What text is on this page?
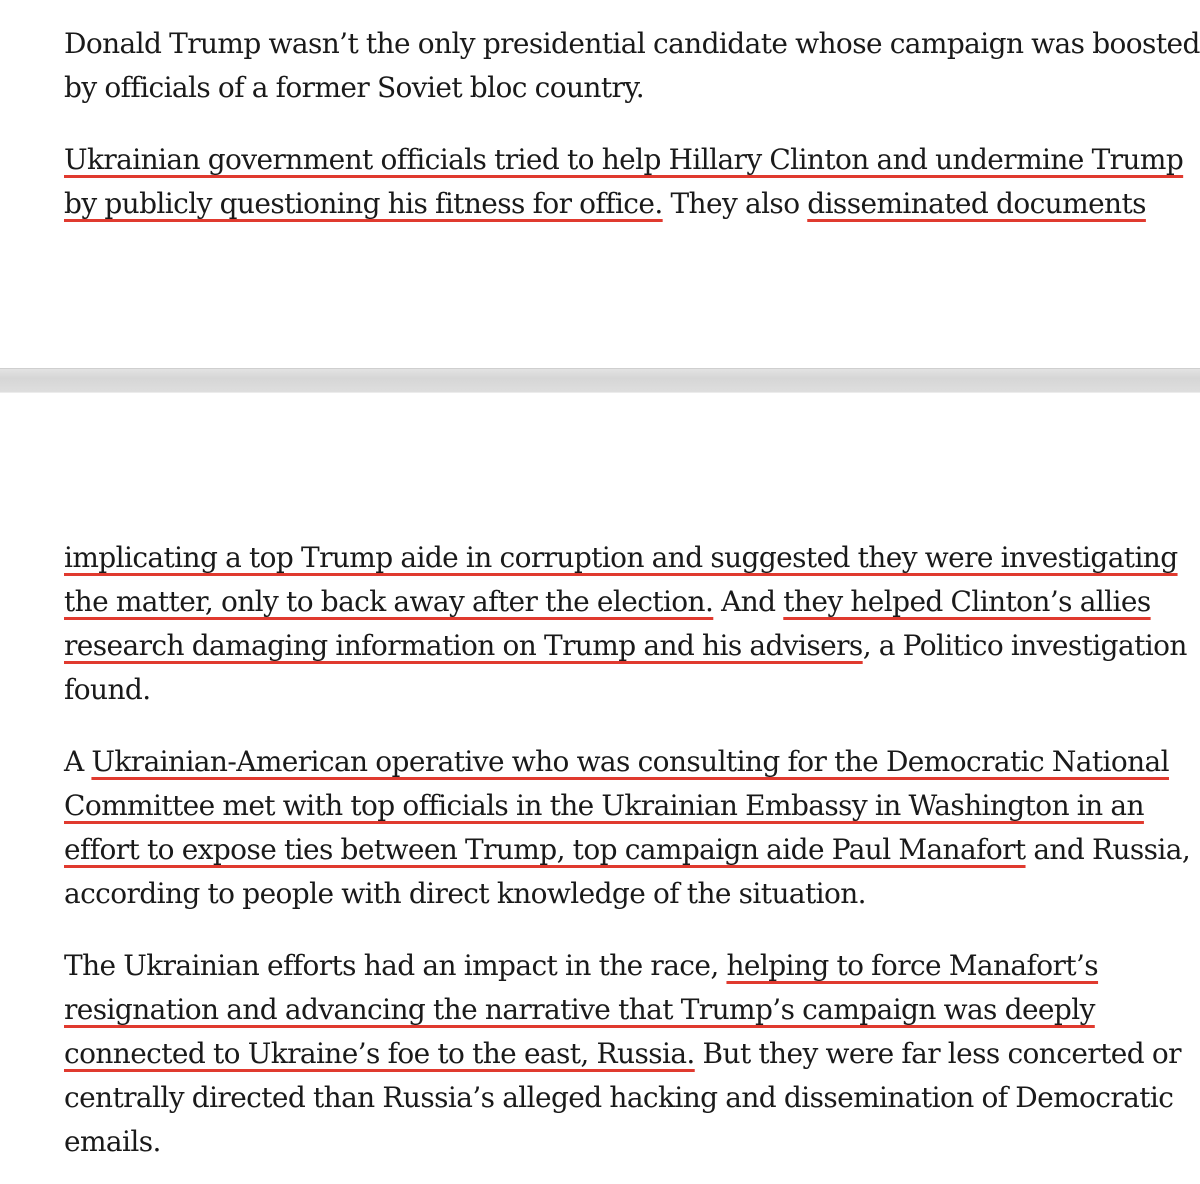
Donald Trump wasn’t the only presidential candidate whose campaign was boosted
by officials of a former Soviet bloc country.

Ukrainian government officials tried to help Hillary Clinton and undermine Trump
by publicly questioning his fitness for office. They also disseminated documents

implicating a top Trump aide in corruption and suggested they were investigating
the matter, only to back away after the election. And they helped Clinton’s allies
research damaging information on Trump and his advisers, a Politico investigation
found.

A Ukrainian-American operative who was consulting for the Democratic National
Committee met with top officials in the Ukrainian Embassy in Washington in an
effort to expose ties between Trump, top campaign aide Paul Manafort and Russia,
according to people with direct knowledge of the situation.

The Ukrainian efforts had an impact in the race, helping to force Manafort’s
resignation and advancing the narrative that Trump’s campaign was deeply
connected to Ukraine’s foe to the east, Russia. But they were far less concerted or
centrally directed than Russia’s alleged hacking and dissemination of Democratic
emails.
